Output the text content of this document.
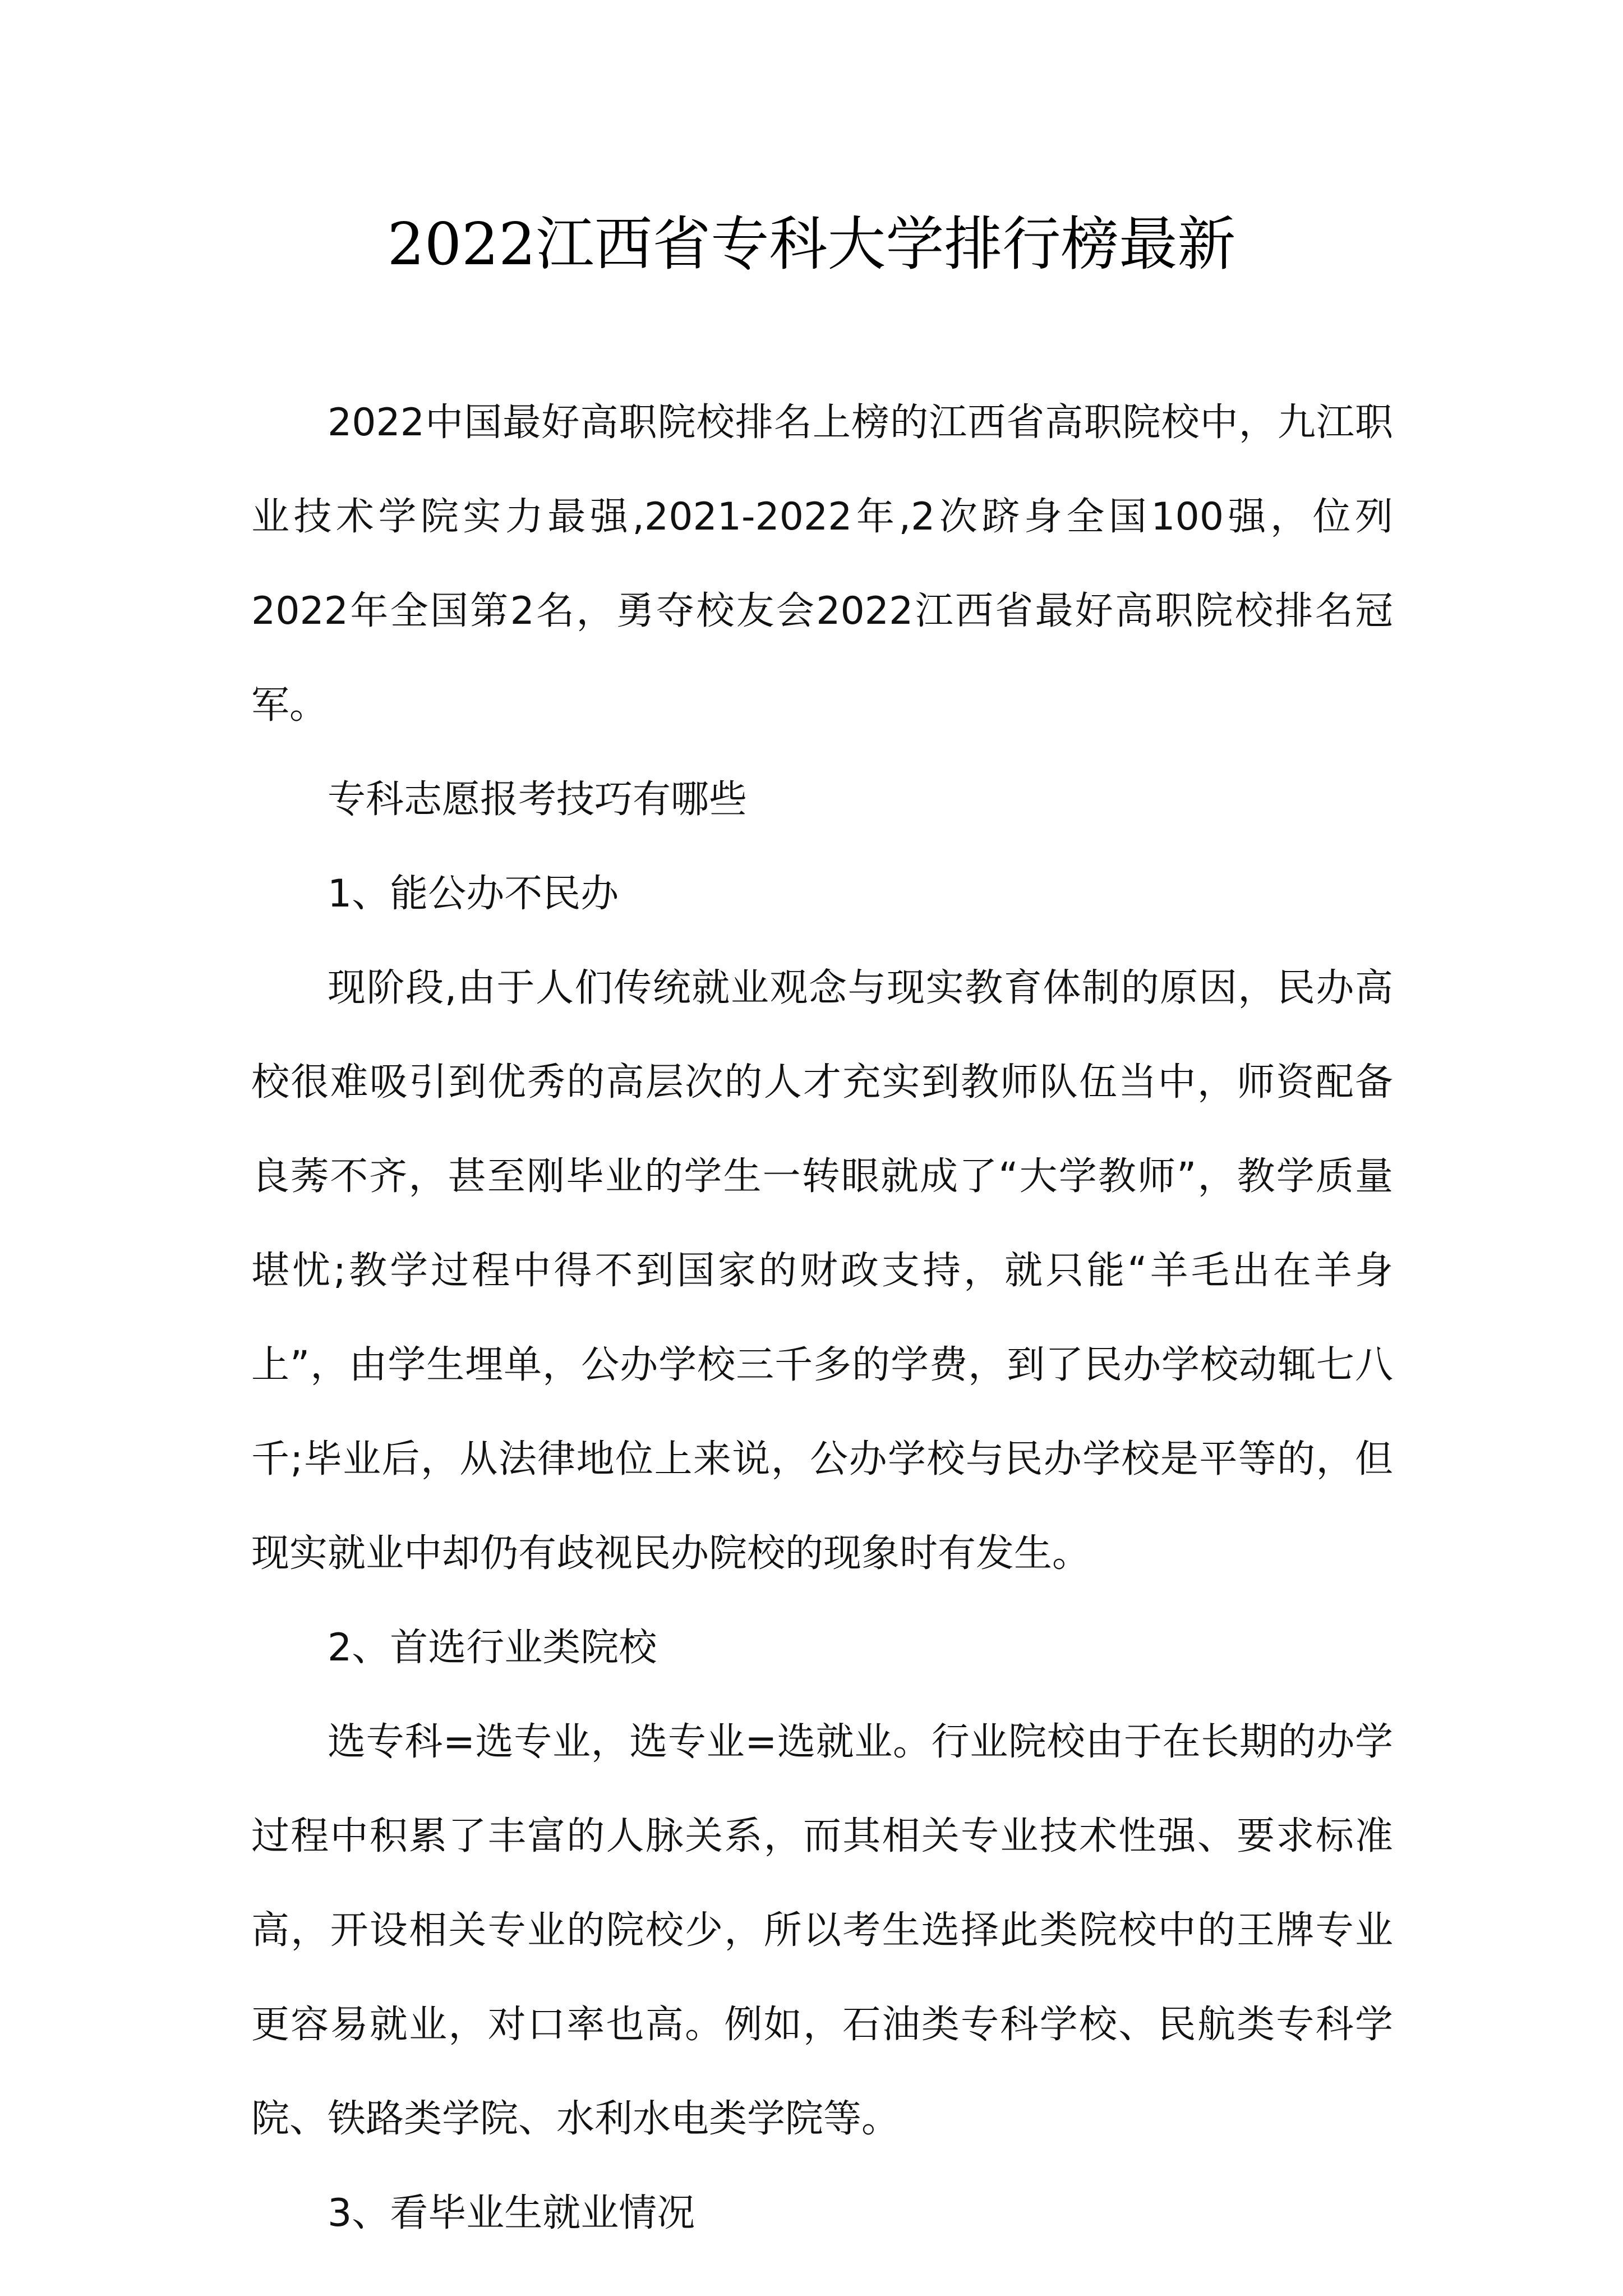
2022江西省专科大学排行榜最新

2022中国最好高职院校排名上榜的江西省高职院校中，九江职业技术学院实力最强,2021-2022年,2次跻身全国100强，位列2022年全国第2名，勇夺校友会2022江西省最好高职院校排名冠军。

专科志愿报考技巧有哪些

1、能公办不民办

现阶段,由于人们传统就业观念与现实教育体制的原因，民办高校很难吸引到优秀的高层次的人才充实到教师队伍当中，师资配备良莠不齐，甚至刚毕业的学生一转眼就成了“大学教师”，教学质量堪忧;教学过程中得不到国家的财政支持，就只能“羊毛出在羊身上”，由学生埋单，公办学校三千多的学费，到了民办学校动辄七八千;毕业后，从法律地位上来说，公办学校与民办学校是平等的，但现实就业中却仍有歧视民办院校的现象时有发生。

2、首选行业类院校

选专科=选专业，选专业=选就业。行业院校由于在长期的办学过程中积累了丰富的人脉关系，而其相关专业技术性强、要求标准高，开设相关专业的院校少，所以考生选择此类院校中的王牌专业更容易就业，对口率也高。例如，石油类专科学校、民航类专科学院、铁路类学院、水利水电类学院等。

3、看毕业生就业情况
